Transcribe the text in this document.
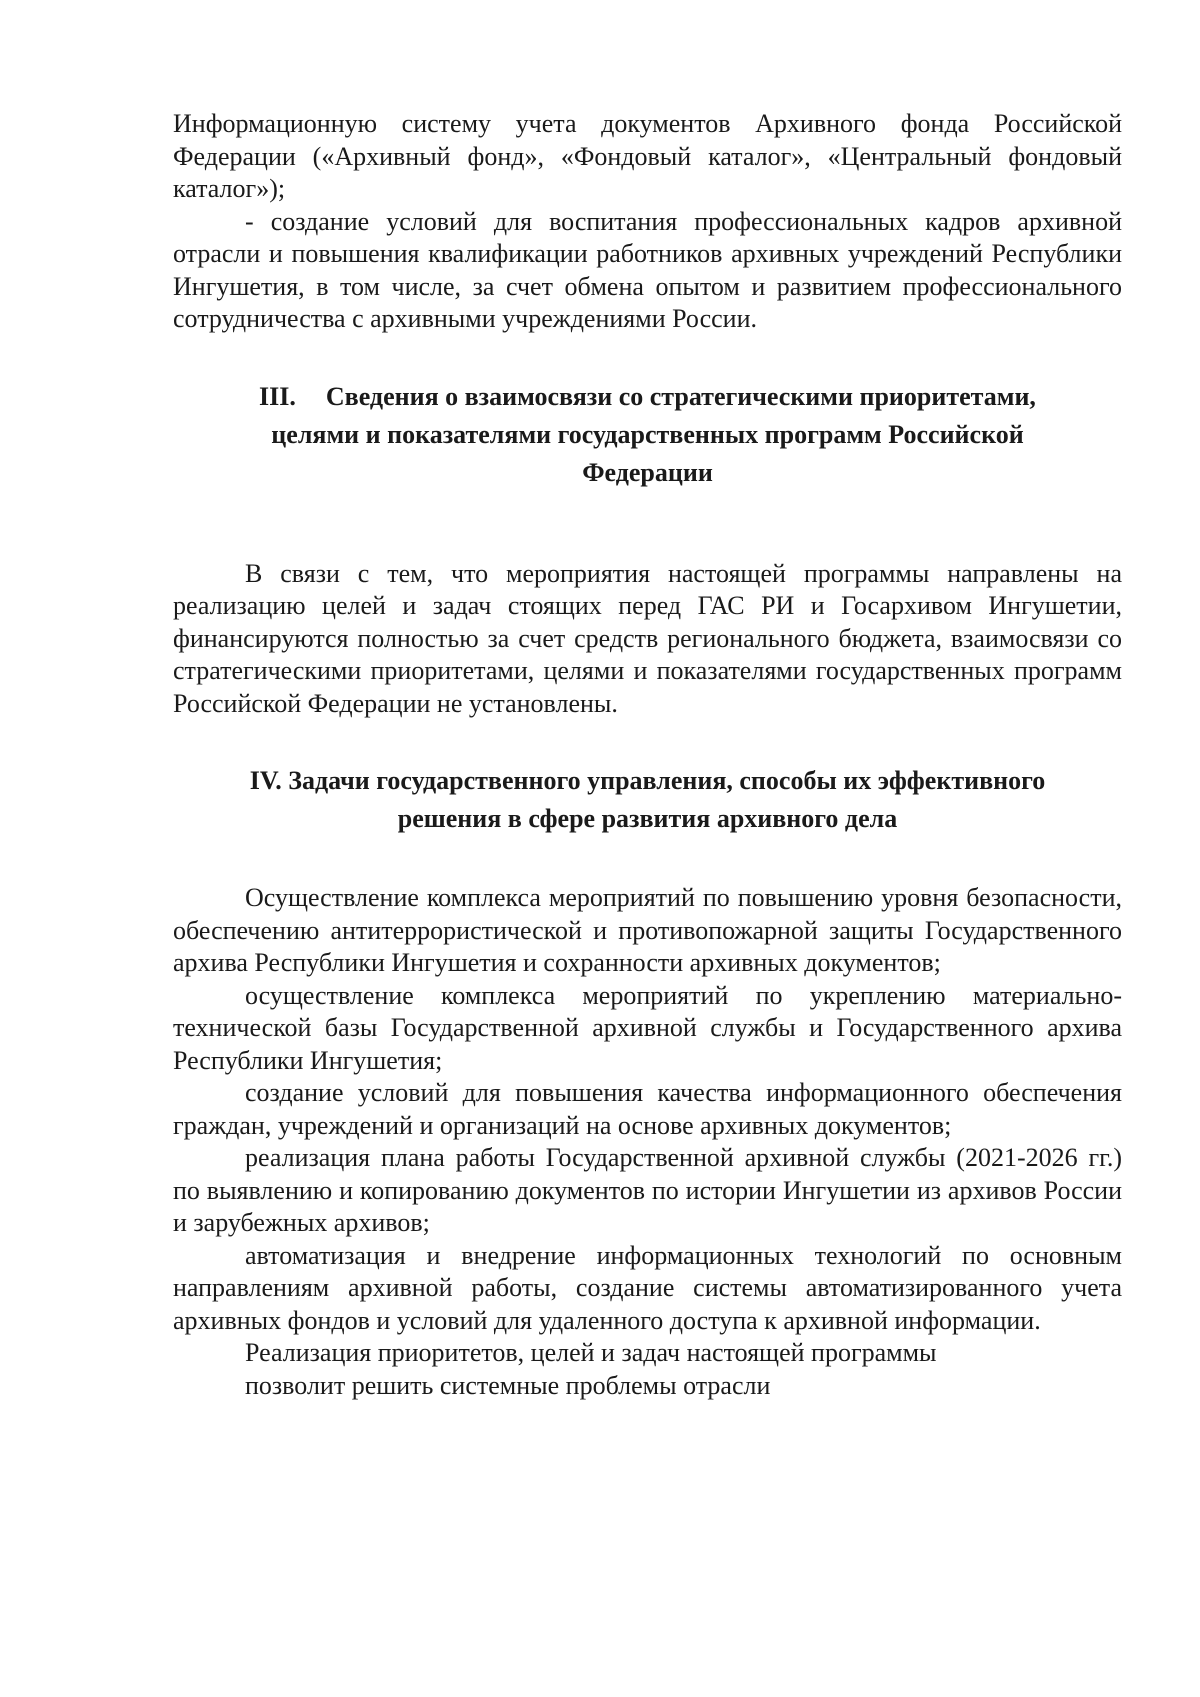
Информационную систему учета документов Архивного фонда Российской Федерации («Архивный фонд», «Фондовый каталог», «Центральный фондовый каталог»);

- создание условий для воспитания профессиональных кадров архивной отрасли и повышения квалификации работников архивных учреждений Республики Ингушетия, в том числе, за счет обмена опытом и развитием профессионального сотрудничества с архивными учреждениями России.

III. Сведения о взаимосвязи со стратегическими приоритетами,
целями и показателями государственных программ Российской
Федерации

В связи с тем, что мероприятия настоящей программы направлены на реализацию целей и задач стоящих перед ГАС РИ и Госархивом Ингушетии, финансируются полностью за счет средств регионального бюджета, взаимосвязи со стратегическими приоритетами, целями и показателями государственных программ Российской Федерации не установлены.

IV. Задачи государственного управления, способы их эффективного
решения в сфере развития архивного дела

Осуществление комплекса мероприятий по повышению уровня безопасности, обеспечению антитеррористической и противопожарной защиты Государственного архива Республики Ингушетия и сохранности архивных документов;

осуществление комплекса мероприятий по укреплению материально-технической базы Государственной архивной службы и Государственного архива Республики Ингушетия;

создание условий для повышения качества информационного обеспечения граждан, учреждений и организаций на основе архивных документов;

реализация плана работы Государственной архивной службы (2021-2026 гг.) по выявлению и копированию документов по истории Ингушетии из архивов России и зарубежных архивов;

автоматизация и внедрение информационных технологий по основным направлениям архивной работы, создание системы автоматизированного учета архивных фондов и условий для удаленного доступа к архивной информации.

Реализация приоритетов, целей и задач настоящей программы
позволит решить системные проблемы отрасли
